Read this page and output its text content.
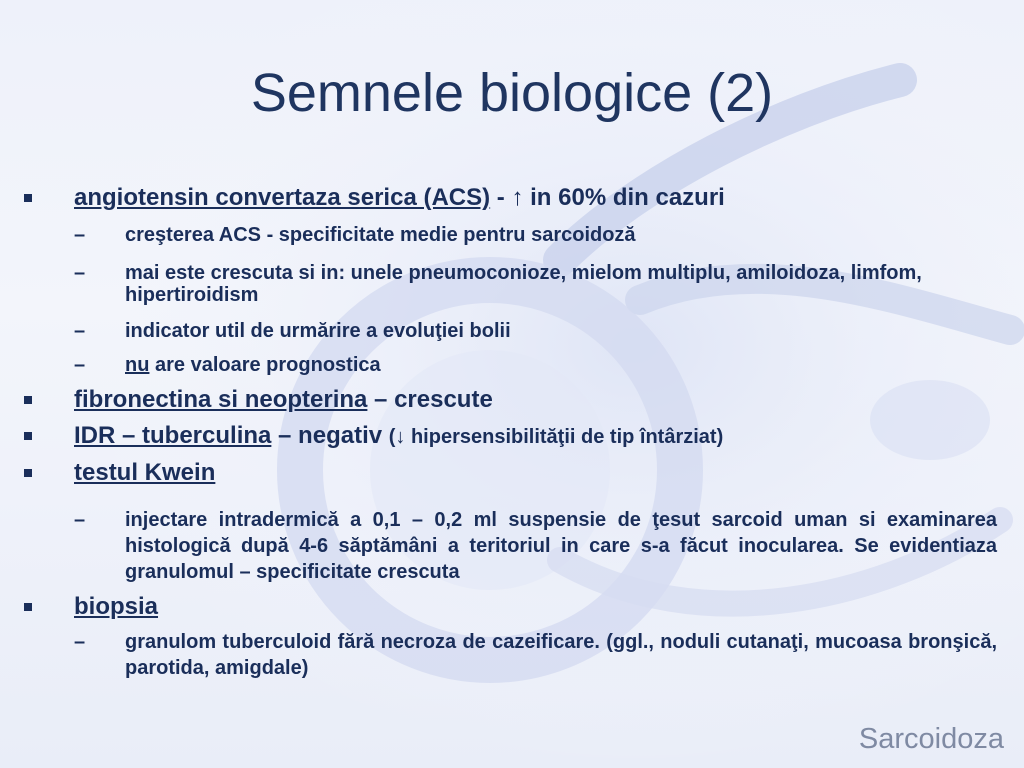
Semnele biologice (2)

angiotensin convertaza serica (ACS) - ↑ in 60% din cazuri

– creşterea ACS - specificitate medie pentru sarcoidoză

– mai este crescuta si in: unele pneumoconioze, mielom multiplu, amiloidoza, limfom, hipertiroidism

– indicator util de urmărire a evoluţiei bolii

– nu are valoare prognostica

fibronectina si neopterina – crescute

IDR – tuberculina – negativ (↓ hipersensibilităţii de tip întârziat)

testul Kwein

– injectare intradermică a 0,1 – 0,2 ml suspensie de ţesut sarcoid uman si examinarea histologică după 4-6 săptămâni a teritoriul in care s-a făcut inocularea. Se evidentiaza granulomul – specificitate crescuta

biopsia

– granulom tuberculoid fără necroza de cazeificare. (ggl., noduli cutanaţi, mucoasa bronşică, parotida, amigdale)

Sarcoidoza
